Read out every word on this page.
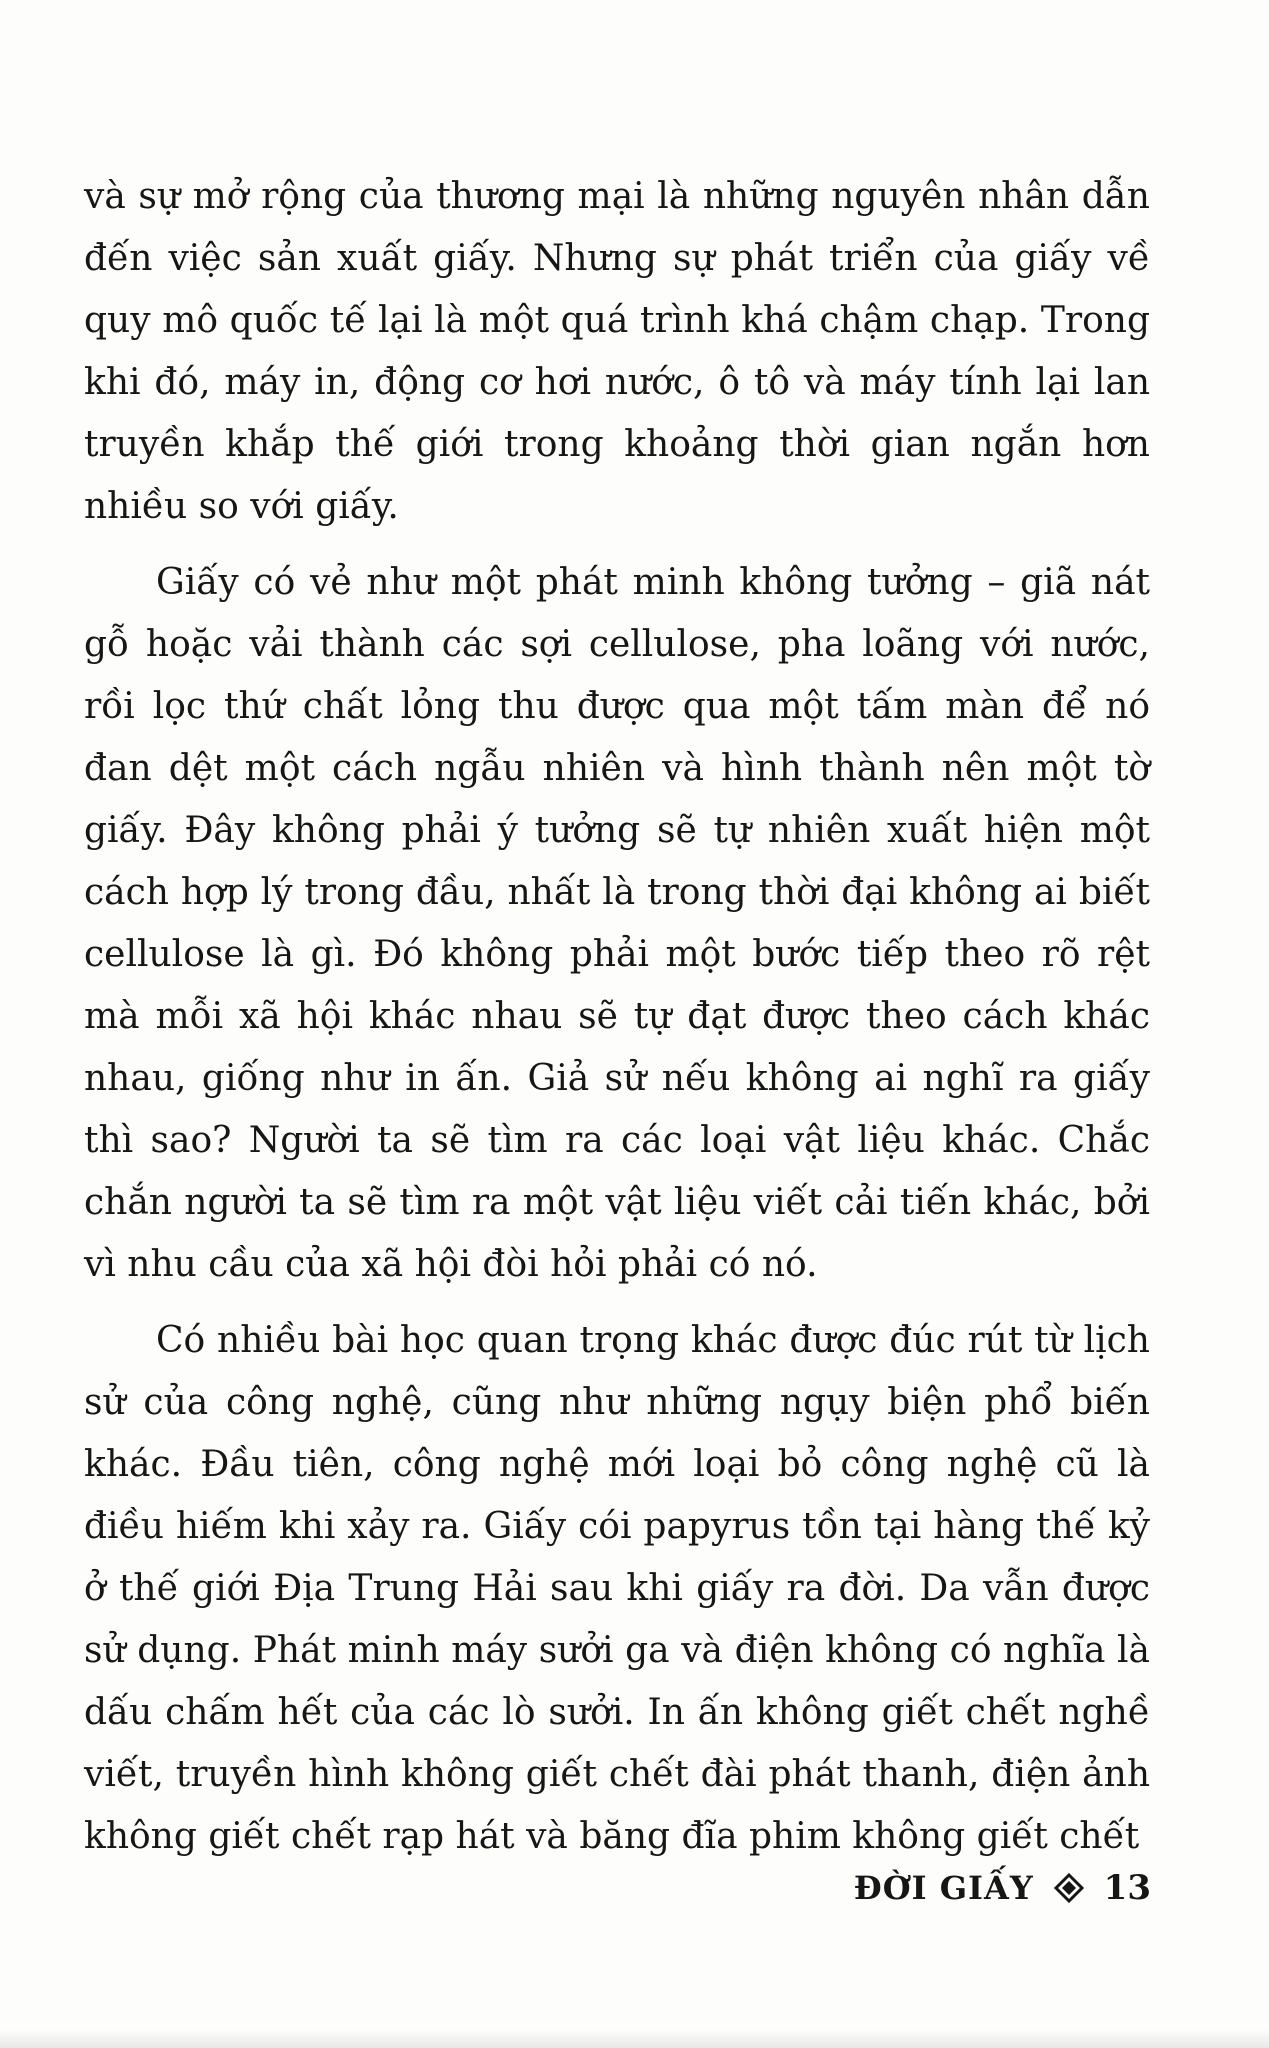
và sự mở rộng của thương mại là những nguyên nhân dẫn đến việc sản xuất giấy. Nhưng sự phát triển của giấy về quy mô quốc tế lại là một quá trình khá chậm chạp. Trong khi đó, máy in, động cơ hơi nước, ô tô và máy tính lại lan truyền khắp thế giới trong khoảng thời gian ngắn hơn nhiều so với giấy.

Giấy có vẻ như một phát minh không tưởng – giã nát gỗ hoặc vải thành các sợi cellulose, pha loãng với nước, rồi lọc thứ chất lỏng thu được qua một tấm màn để nó đan dệt một cách ngẫu nhiên và hình thành nên một tờ giấy. Đây không phải ý tưởng sẽ tự nhiên xuất hiện một cách hợp lý trong đầu, nhất là trong thời đại không ai biết cellulose là gì. Đó không phải một bước tiếp theo rõ rệt mà mỗi xã hội khác nhau sẽ tự đạt được theo cách khác nhau, giống như in ấn. Giả sử nếu không ai nghĩ ra giấy thì sao? Người ta sẽ tìm ra các loại vật liệu khác. Chắc chắn người ta sẽ tìm ra một vật liệu viết cải tiến khác, bởi vì nhu cầu của xã hội đòi hỏi phải có nó.

Có nhiều bài học quan trọng khác được đúc rút từ lịch sử của công nghệ, cũng như những ngụy biện phổ biến khác. Đầu tiên, công nghệ mới loại bỏ công nghệ cũ là điều hiếm khi xảy ra. Giấy cói papyrus tồn tại hàng thế kỷ ở thế giới Địa Trung Hải sau khi giấy ra đời. Da vẫn được sử dụng. Phát minh máy sưởi ga và điện không có nghĩa là dấu chấm hết của các lò sưởi. In ấn không giết chết nghề viết, truyền hình không giết chết đài phát thanh, điện ảnh không giết chết rạp hát và băng đĩa phim không giết chết

ĐỜI GIẤY 13
